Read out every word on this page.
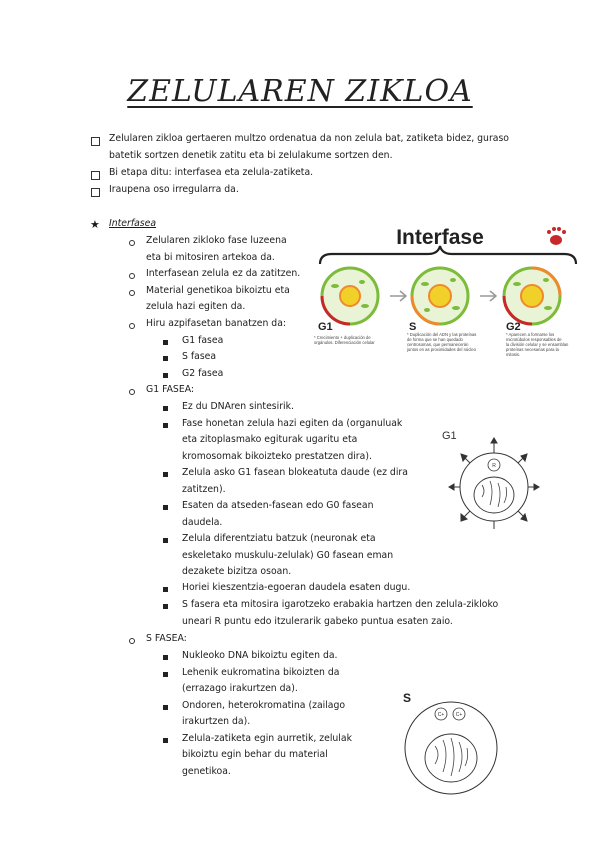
ZELULAREN ZIKLOA
Zelularen zikloa gertaeren multzo ordenatua da non zelula bat, zatiketa bidez, guraso
batetik sortzen denetik zatitu eta bi zelulakume sortzen den.
Bi etapa ditu: interfasea eta zelula-zatiketa.
Iraupena oso irregularra da.
★ Interfasea
Zelularen zikloko fase luzeena
eta bi mitosiren artekoa da.
Interfasean zelula ez da zatitzen.
Material genetikoa bikoiztu eta
zelula hazi egiten da.
Hiru azpifasetan banatzen da:
G1 fasea
S fasea
G2 fasea
G1 FASEA:
Ez du DNAren sintesirik.
Fase honetan zelula hazi egiten da (organuluak
eta zitoplasmako egiturak ugaritu eta
kromosomak bikoizteko prestatzen dira).
Zelula asko G1 fasean blokeatuta daude (ez dira
zatitzen).
Esaten da atseden-fasean edo G0 fasean
daudela.
Zelula diferentziatu batzuk (neuronak eta
eskeletako muskulu-zelulak) G0 fasean eman
dezakete bizitza osoan.
Horiei kieszentzia-egoeran daudela esaten dugu.
S fasera eta mitosira igarotzeko erabakia hartzen den zelula-zikloko
uneari R puntu edo itzulerarik gabeko puntua esaten zaio.
S FASEA:
Nukleoko DNA bikoiztu egiten da.
Lehenik eukromatina bikoizten da
(errazago irakurtzen da).
Ondoren, heterokromatina (zailago
irakurtzen da).
Zelula-zatiketa egin aurretik, zelulak
bikoiztu egin behar du material
genetikoa.
Interfase
G1	S	G2
* Crecimiento + duplicación de
orgánulos. Diferenciación celular
* Duplicación del ADN y las proteínas
de forma que se han quedado
centrosomas, que permanecerán
juntos en as proximidades del núcleo
* Aparecen a formarse los
microtúbulos responsables de
la división celular y se ensamblan
proteínas necesarias para la
mitosis.
G1
R
S
C+ C+
